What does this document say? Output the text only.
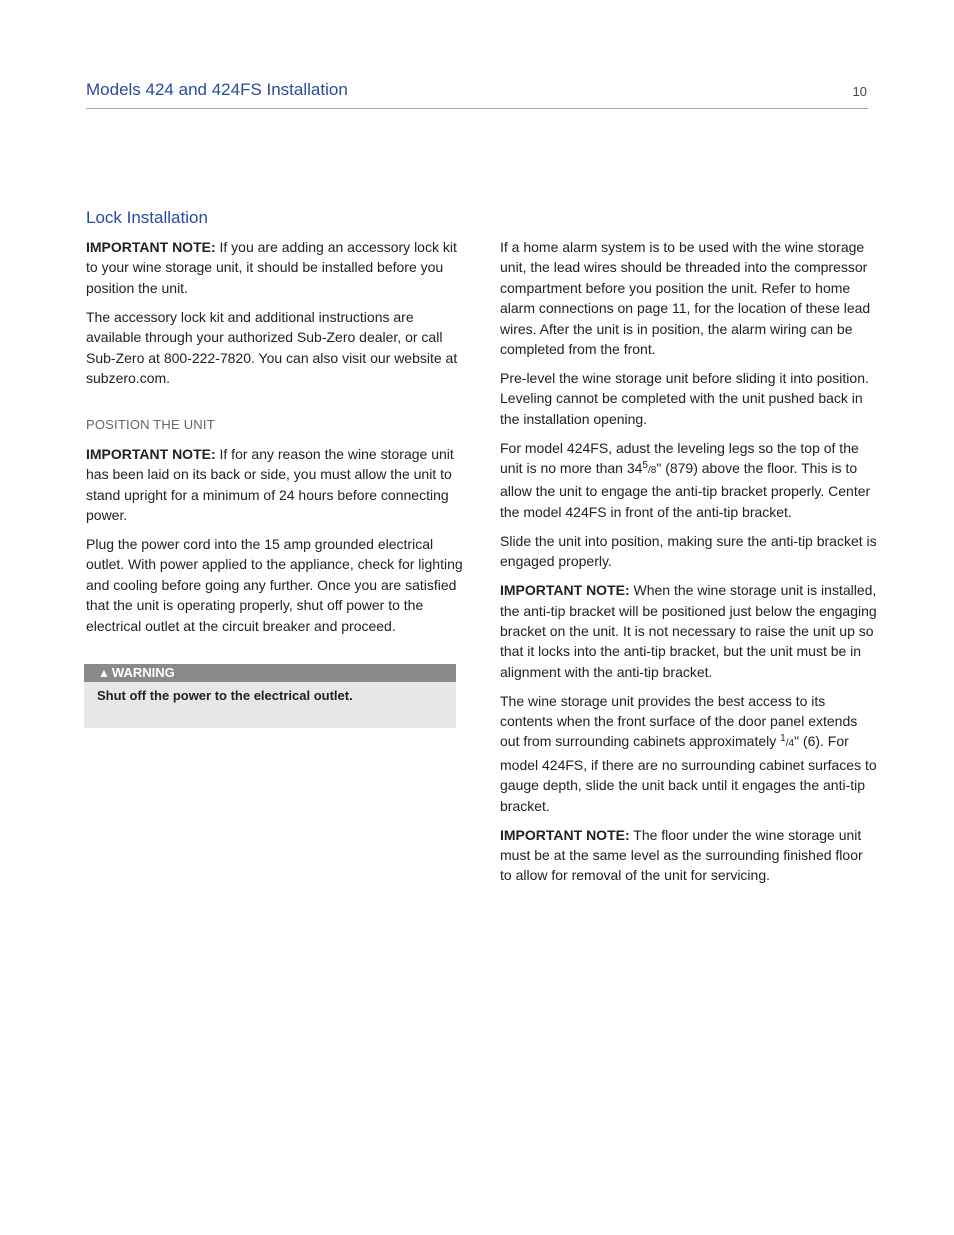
Models 424 and 424FS Installation	10
Lock Installation

IMPORTANT NOTE: If you are adding an accessory lock kit to your wine storage unit, it should be installed before you position the unit.

The accessory lock kit and additional instructions are available through your authorized Sub-Zero dealer, or call Sub-Zero at 800-222-7820. You can also visit our website at subzero.com.

POSITION THE UNIT

IMPORTANT NOTE: If for any reason the wine storage unit has been laid on its back or side, you must allow the unit to stand upright for a minimum of 24 hours before connecting power.

Plug the power cord into the 15 amp grounded electrical outlet. With power applied to the appliance, check for lighting and cooling before going any further. Once you are satisfied that the unit is operating properly, shut off power to the electrical outlet at the circuit breaker and proceed.

▲ WARNING
Shut off the power to the electrical outlet.

If a home alarm system is to be used with the wine storage unit, the lead wires should be threaded into the compressor compartment before you position the unit. Refer to home alarm connections on page 11, for the location of these lead wires. After the unit is in position, the alarm wiring can be completed from the front.

Pre-level the wine storage unit before sliding it into position. Leveling cannot be completed with the unit pushed back in the installation opening.

For model 424FS, adust the leveling legs so the top of the unit is no more than $34^5/8$" (879) above the floor. This is to allow the unit to engage the anti-tip bracket properly. Center the model 424FS in front of the anti-tip bracket.

Slide the unit into position, making sure the anti-tip bracket is engaged properly.

IMPORTANT NOTE: When the wine storage unit is installed, the anti-tip bracket will be positioned just below the engaging bracket on the unit. It is not necessary to raise the unit up so that it locks into the anti-tip bracket, but the unit must be in alignment with the anti-tip bracket.

The wine storage unit provides the best access to its contents when the front surface of the door panel extends out from surrounding cabinets approximately $^1$/4" (6). For model 424FS, if there are no surrounding cabinet surfaces to gauge depth, slide the unit back until it engages the anti-tip bracket.

IMPORTANT NOTE: The floor under the wine storage unit must be at the same level as the surrounding finished floor to allow for removal of the unit for servicing.
